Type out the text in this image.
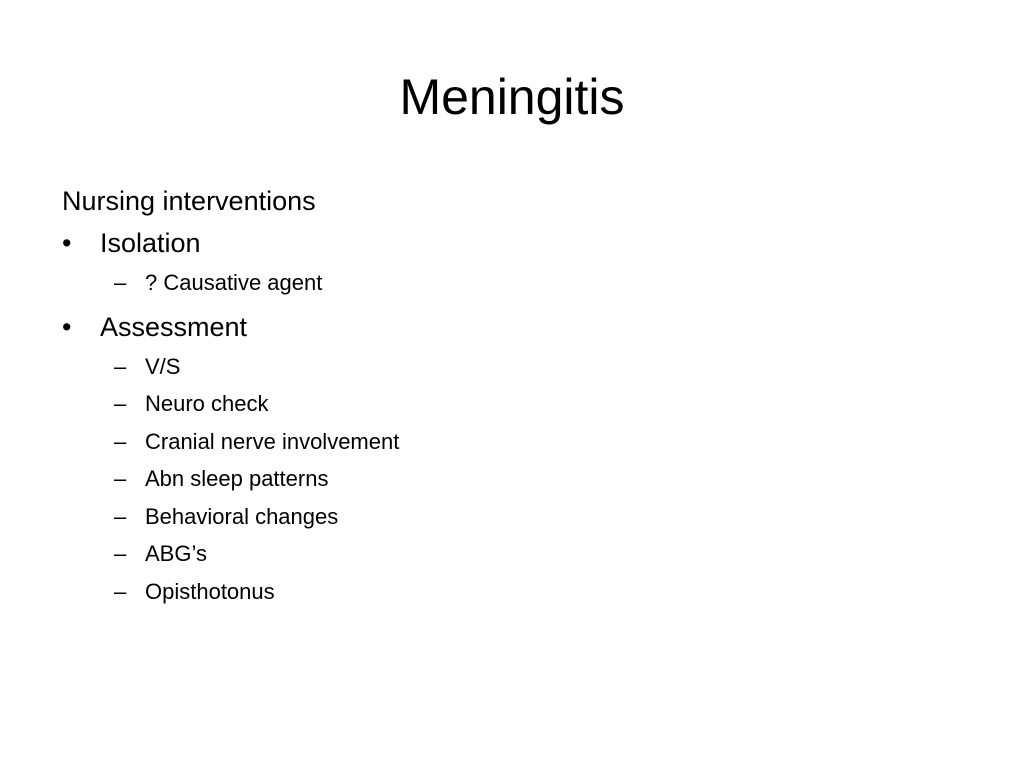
Meningitis

Nursing interventions

•	Isolation
– ? Causative agent
•	Assessment
– V/S
– Neuro check
– Cranial nerve involvement
– Abn sleep patterns
– Behavioral changes
– ABG’s
– Opisthotonus
